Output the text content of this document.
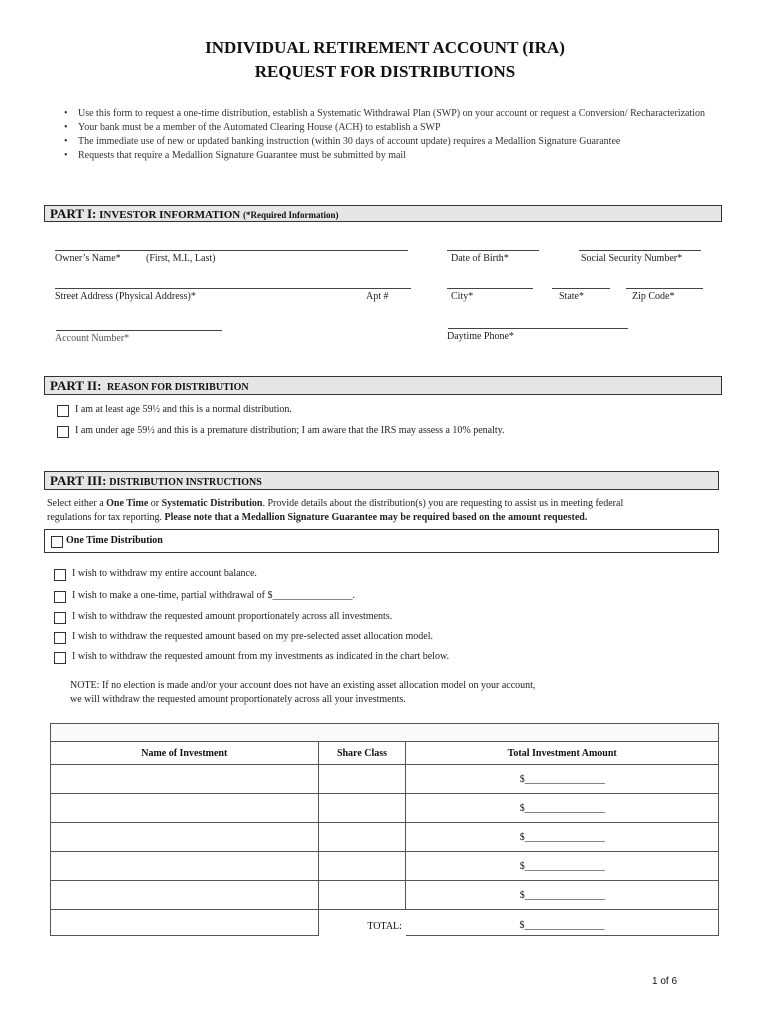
INDIVIDUAL RETIREMENT ACCOUNT (IRA)
REQUEST FOR DISTRIBUTIONS
• Use this form to request a one-time distribution, establish a Systematic Withdrawal Plan (SWP) on your account or request a Conversion/ Recharacterization
• Your bank must be a member of the Automated Clearing House (ACH) to establish a SWP
• The immediate use of new or updated banking instruction (within 30 days of account update) requires a Medallion Signature Guarantee
• Requests that require a Medallion Signature Guarantee must be submitted by mail
PART I: INVESTOR INFORMATION (*Required Information)
Owner’s Name*	(First, M.I., Last)	Date of Birth*	Social Security Number*
Street Address (Physical Address)*	Apt #	City*	State*	Zip Code*
Account Number*	Daytime Phone*
PART II: REASON FOR DISTRIBUTION
I am at least age 59½ and this is a normal distribution.
I am under age 59½ and this is a premature distribution; I am aware that the IRS may assess a 10% penalty.
PART III: DISTRIBUTION INSTRUCTIONS
Select either a One Time or Systematic Distribution. Provide details about the distribution(s) you are requesting to assist us in meeting federal
regulations for tax reporting. Please note that a Medallion Signature Guarantee may be required based on the amount requested.
One Time Distribution
I wish to withdraw my entire account balance.
I wish to make a one-time, partial withdrawal of $________________.
I wish to withdraw the requested amount proportionately across all investments.
I wish to withdraw the requested amount based on my pre-selected asset allocation model.
I wish to withdraw the requested amount from my investments as indicated in the chart below.
NOTE: If no election is made and/or your account does not have an existing asset allocation model on your account,
we will withdraw the requested amount proportionately across all your investments.

Name of Investment	Share Class	Total Investment Amount
		$________________
		$________________
		$________________
		$________________
		$________________
	TOTAL:	$________________
1 of 6
